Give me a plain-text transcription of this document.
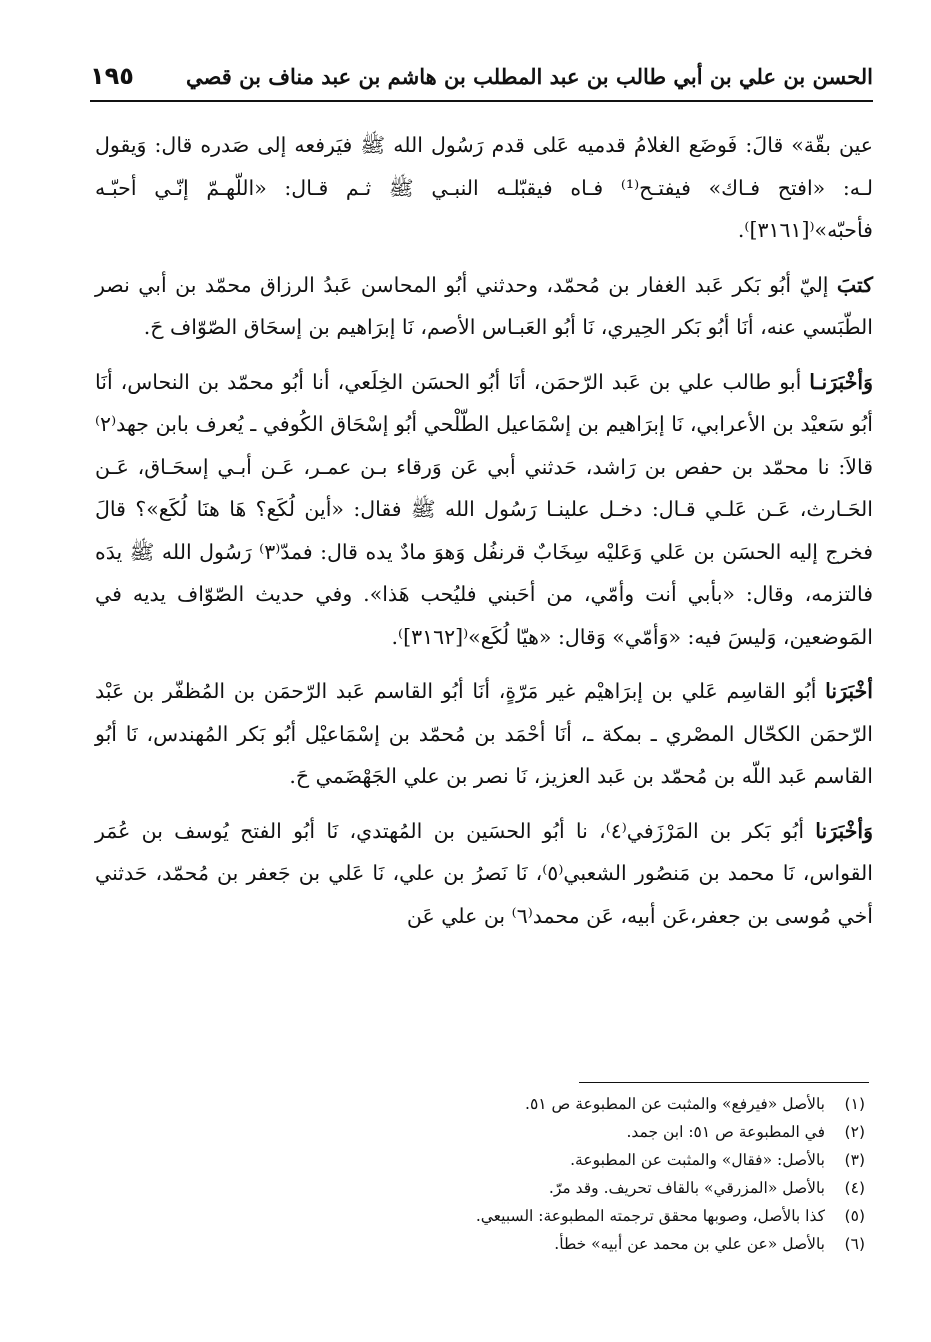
الحسن بن علي بن أبي طالب بن عبد المطلب بن هاشم بن عبد مناف بن قصي
١٩٥

عين بقّة» قالَ: فَوضَع الغلامُ قدميه عَلى قدم رَسُول الله ﷺ فيَرفعه إلى صَدره قال: وَيقول لـه: «افتح فـاك» فيفتـح⁽¹⁾ فـاه فيقبّلـه النبـي ﷺ ثـم قـال: «اللّهـمّ إنّـي أحبّـه فأحبّه»⁽[٣١٦١]⁾.

كتبَ إليّ أبُو بَكر عَبد الغفار بن مُحمّد، وحدثني أبُو المحاسن عَبدُ الرزاق محمّد بن أبي نصر الطّبَسي عنه، أنَا أبُو بَكر الحِيري، نَا أبُو العَبـاس الأصم، نَا إبرَاهيم بن إسحَاق الصّوّاف حَ.

وَأخْبَرَنـا أبو طالب علي بن عَبد الرّحمَن، أنَا أبُو الحسَن الخِلَعي، أنا أبُو محمّد بن النحاس، أنَا أبُو سَعيْد بن الأعرابي، نَا إبرَاهيم بن إسْمَاعيل الطّلْحي أبُو إسْحَاق الكُوفي ـ يُعرف بابن جهد⁽٢⁾ قالاَ: نا محمّد بن حفص بن رَاشد، حَدثني أبي عَن وَرقاء بـن عمـر، عَـن أبـي إسحَـاق، عَـن الحَـارث، عَـن عَلـي قـال: دخـل علينـا رَسُول الله ﷺ فقال: «أين لُكَع؟ هَا هنَا لُكَع»؟ قالَ فخرج إليه الحسَن بن عَلي وَعَليْه سِخَابٌ قرنفُل وَهوَ مادٌ يده قال: فمدّ⁽٣⁾ رَسُول الله ﷺ يدَه فالتزمه، وقال: «بأبي أنت وأمّي، من أحَبني فليُحب هَذا». وفي حديث الصّوّاف يديه في المَوضعين، وَليسَ فيه: «وَأمّي» وَقال: «هيّا لُكَع»⁽[٣١٦٢]⁾.

أخْبَرَنا أبُو القاسِم عَلي بن إبرَاهيْم غير مَرّةٍ، أنَا أبُو القاسم عَبد الرّحمَن بن المُظفّر بن عَبْد الرّحمَن الكحّال المصْري ـ بمكة ـ، أنَا أحْمَد بن مُحمّد بن إسْمَاعيْل أبُو بَكر المُهندس، نَا أبُو القاسم عَبد اللّه بن مُحمّد بن عَبد العزيز، نَا نصر بن علي الجَهْضَمي حَ.

وَأخْبَرَنا أبُو بَكر بن المَرْزَفي⁽٤⁾، نا أبُو الحسَين بن المُهتدي، نَا أبُو الفتح يُوسف بن عُمَر القواس، نَا محمد بن مَنصُور الشعبي⁽٥⁾، نَا نَصرُ بن علي، نَا عَلي بن جَعفر بن مُحمّد، حَدثني أخي مُوسى بن جعفر،عَن أبيه، عَن محمد⁽٦⁾ بن علي عَن

(١)بالأصل «فيرفع» والمثبت عن المطبوعة ص ٥١.
(٢)في المطبوعة ص ٥١: ابن جمد.
(٣)بالأصل: «فقال» والمثبت عن المطبوعة.
(٤)بالأصل «المزرقي» بالقاف تحريف. وقد مرّ.
(٥)كذا بالأصل، وصوبها محقق ترجمته المطبوعة: السبيعي.
(٦)بالأصل «عن علي بن محمد عن أبيه» خطأ.
